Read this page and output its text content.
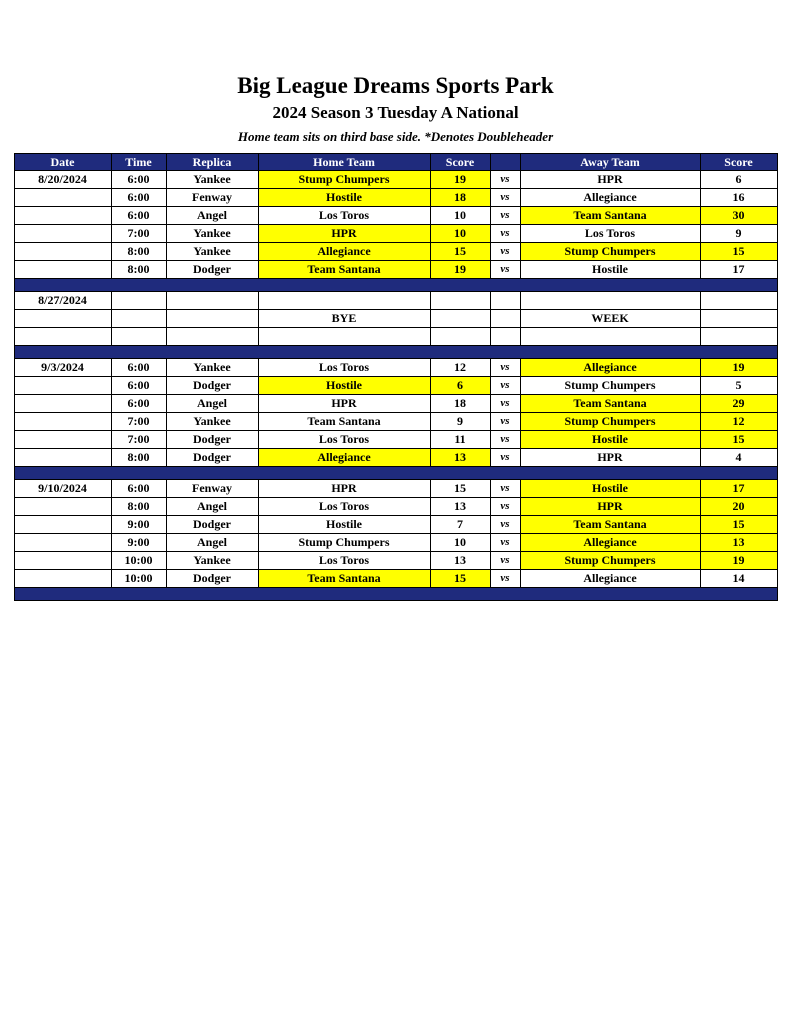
Big League Dreams Sports Park
2024 Season 3 Tuesday A National
Home team sits on third base side. *Denotes Doubleheader
Date	Time	Replica	Home Team	Score		Away Team	Score
8/20/2024	6:00	Yankee	Stump Chumpers	19	vs	HPR	6
	6:00	Fenway	Hostile	18	vs	Allegiance	16
	6:00	Angel	Los Toros	10	vs	Team Santana	30
	7:00	Yankee	HPR	10	vs	Los Toros	9
	8:00	Yankee	Allegiance	15	vs	Stump Chumpers	15
	8:00	Dodger	Team Santana	19	vs	Hostile	17

8/27/2024							
			BYE			WEEK	

9/3/2024	6:00	Yankee	Los Toros	12	vs	Allegiance	19
	6:00	Dodger	Hostile	6	vs	Stump Chumpers	5
	6:00	Angel	HPR	18	vs	Team Santana	29
	7:00	Yankee	Team Santana	9	vs	Stump Chumpers	12
	7:00	Dodger	Los Toros	11	vs	Hostile	15
	8:00	Dodger	Allegiance	13	vs	HPR	4

9/10/2024	6:00	Fenway	HPR	15	vs	Hostile	17
	8:00	Angel	Los Toros	13	vs	HPR	20
	9:00	Dodger	Hostile	7	vs	Team Santana	15
	9:00	Angel	Stump Chumpers	10	vs	Allegiance	13
	10:00	Yankee	Los Toros	13	vs	Stump Chumpers	19
	10:00	Dodger	Team Santana	15	vs	Allegiance	14
